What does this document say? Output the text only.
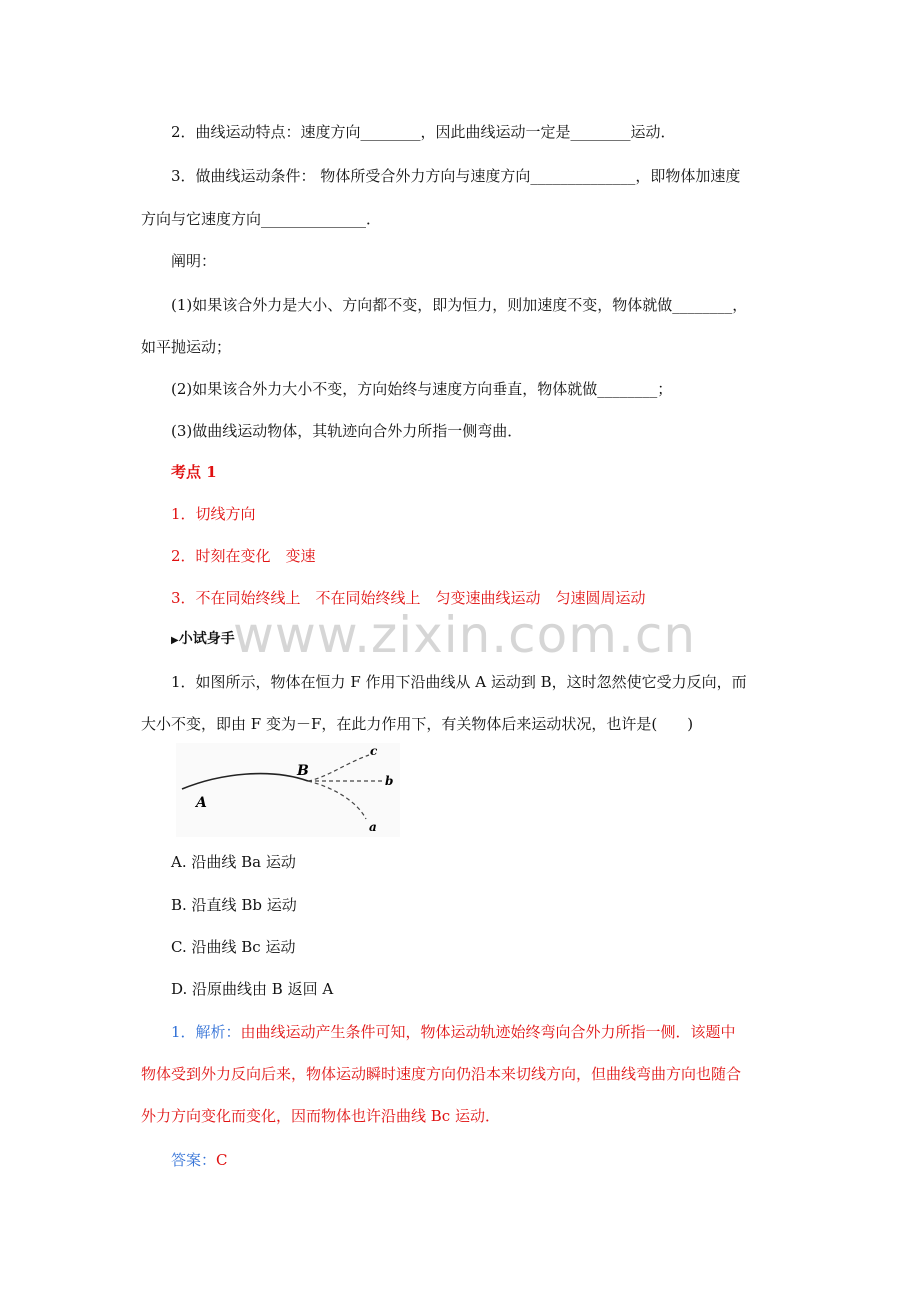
2．曲线运动特点：速度方向________，因此曲线运动一定是________运动．

3．做曲线运动条件： 物体所受合外力方向与速度方向______________，即物体加速度

方向与它速度方向______________．

阐明：

(1)如果该合外力是大小、方向都不变，即为恒力，则加速度不变，物体就做________，

如平抛运动；

(2)如果该合外力大小不变，方向始终与速度方向垂直，物体就做________；

(3)做曲线运动物体，其轨迹向合外力所指一侧弯曲．

考点 1

1．切线方向

2．时刻在变化　变速

3．不在同始终线上　不在同始终线上　匀变速曲线运动　匀速圆周运动

www.zixin.com.cn

▶小试身手

1．如图所示，物体在恒力 F 作用下沿曲线从 A 运动到 B，这时忽然使它受力反向，而

大小不变，即由 F 变为－F，在此力作用下，有关物体后来运动状况，也许是(　　)

A
B
a
b
c

A. 沿曲线 Ba 运动

B. 沿直线 Bb 运动

C. 沿曲线 Bc 运动

D. 沿原曲线由 B 返回 A

1．解析：由曲线运动产生条件可知，物体运动轨迹始终弯向合外力所指一侧．该题中

物体受到外力反向后来，物体运动瞬时速度方向仍沿本来切线方向，但曲线弯曲方向也随合

外力方向变化而变化，因而物体也许沿曲线 Bc 运动．

答案：C
